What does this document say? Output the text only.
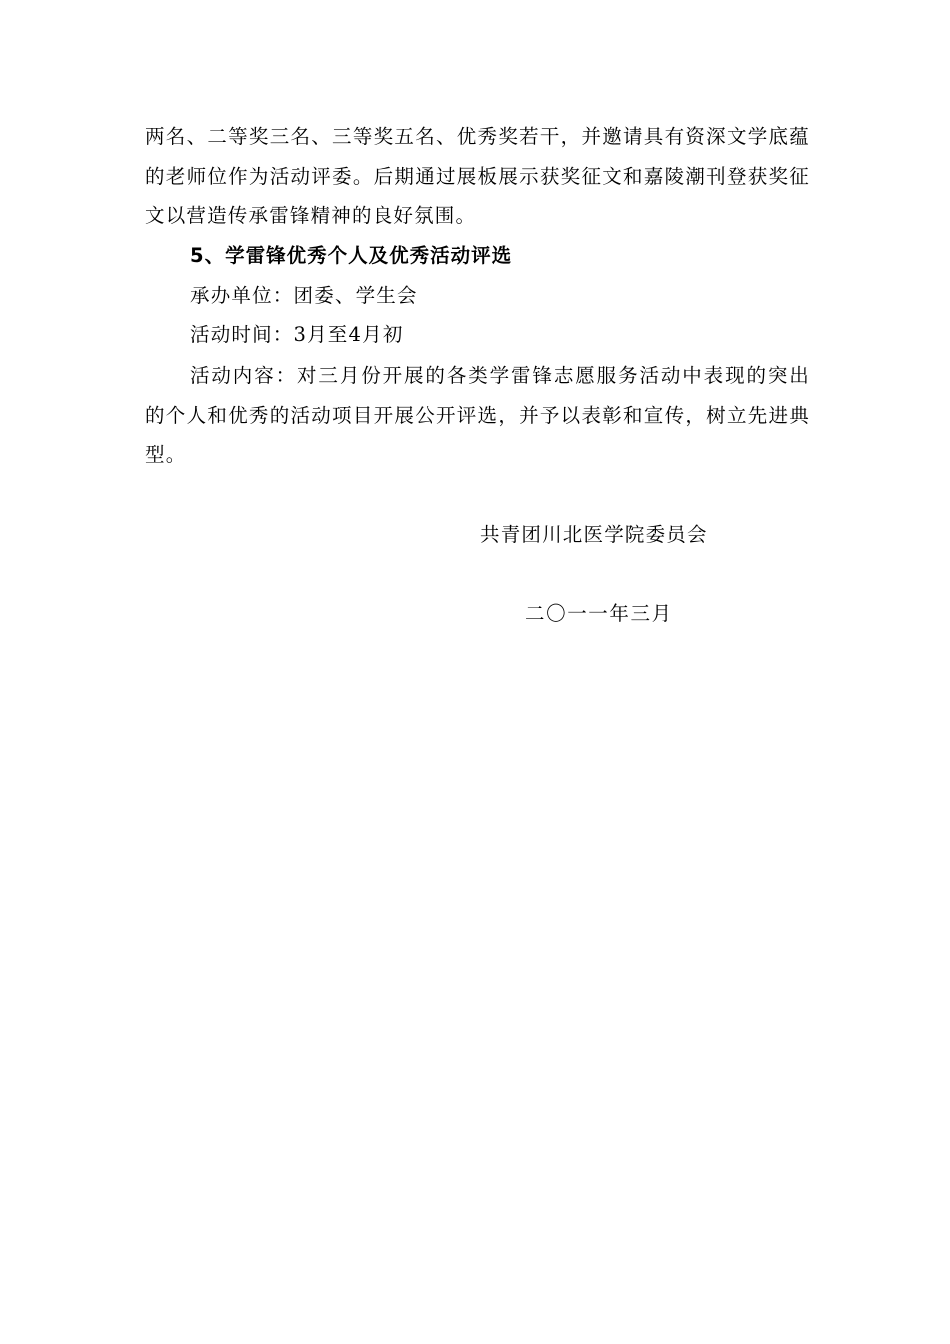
两名、二等奖三名、三等奖五名、优秀奖若干，并邀请具有资深文学底蕴的老师位作为活动评委。后期通过展板展示获奖征文和嘉陵潮刊登获奖征文以营造传承雷锋精神的良好氛围。
5、学雷锋优秀个人及优秀活动评选
承办单位：团委、学生会
活动时间：3月至4月初
活动内容：对三月份开展的各类学雷锋志愿服务活动中表现的突出的个人和优秀的活动项目开展公开评选，并予以表彰和宣传，树立先进典型。
共青团川北医学院委员会
二〇一一年三月
